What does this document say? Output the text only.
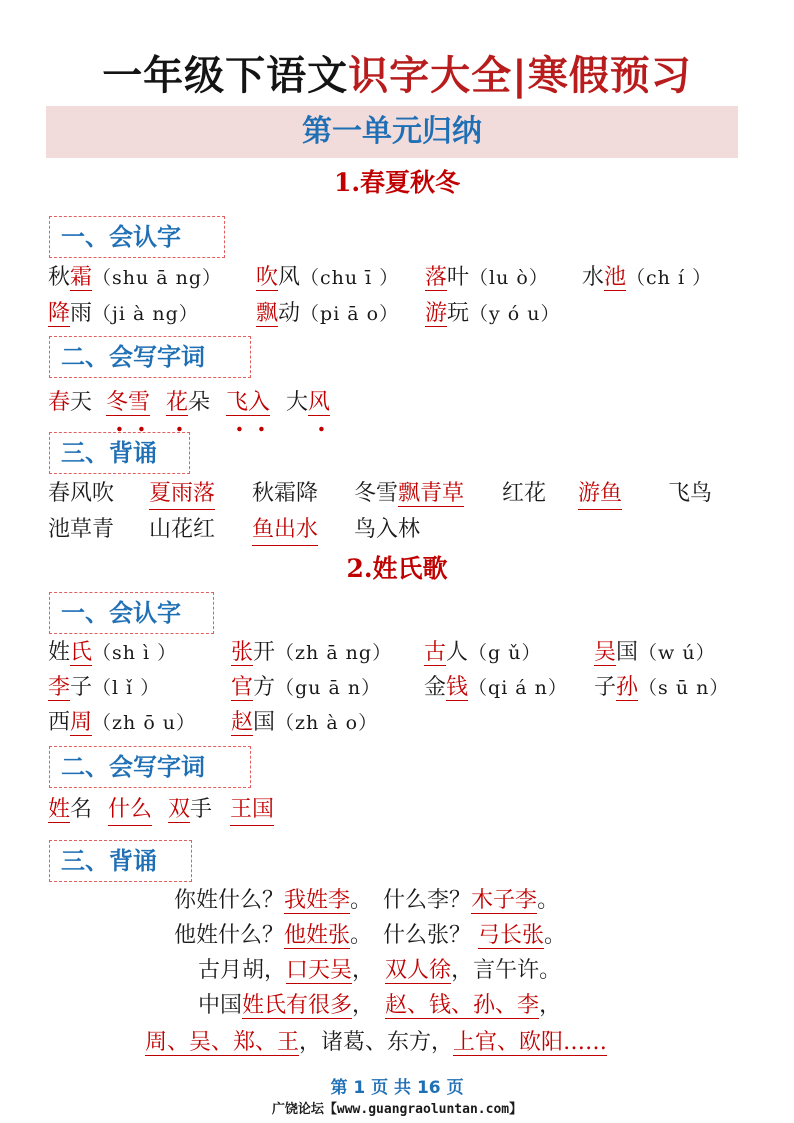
一年级下语文识字大全|寒假预习
第一单元归纳
1.春夏秋冬
一、会认字
秋霜（shu ā ng） 吹风（chu ī ） 落叶（lu ò） 水池（ch í ）
降雨（ji à ng）	飘动（pi ā o） 游玩（y ó u）
二、会写字词
春天 冬雪 花朵 飞入 大风
三、背诵
春风吹 夏雨落 秋霜降 冬雪飘青草 红花 游鱼 飞鸟
池草青 山花红 鱼出水 鸟入林
2.姓氏歌
一、会认字
姓氏（sh ì ） 张开（zh ā ng） 古人（g ǔ） 吴国（w ú）
李子（l ǐ ）	官方（gu ā n） 金钱（qi á n） 子孙（s ū n）
西周（zh ō u） 赵国（zh à o）
二、会写字词
姓名 什么 双手 王国
三、背诵
你姓什么？我姓李。　什么李？木子李。
他姓什么？他姓张。　什么张？ 弓长张。
古月胡，口天吴，　双人徐，言午许。
中国姓氏有很多，　赵、钱、孙、李，
周、吴、郑、王，诸葛、东方，上官、欧阳……
第 1 页 共 16 页
广饶论坛【www.guangraoluntan.com】
